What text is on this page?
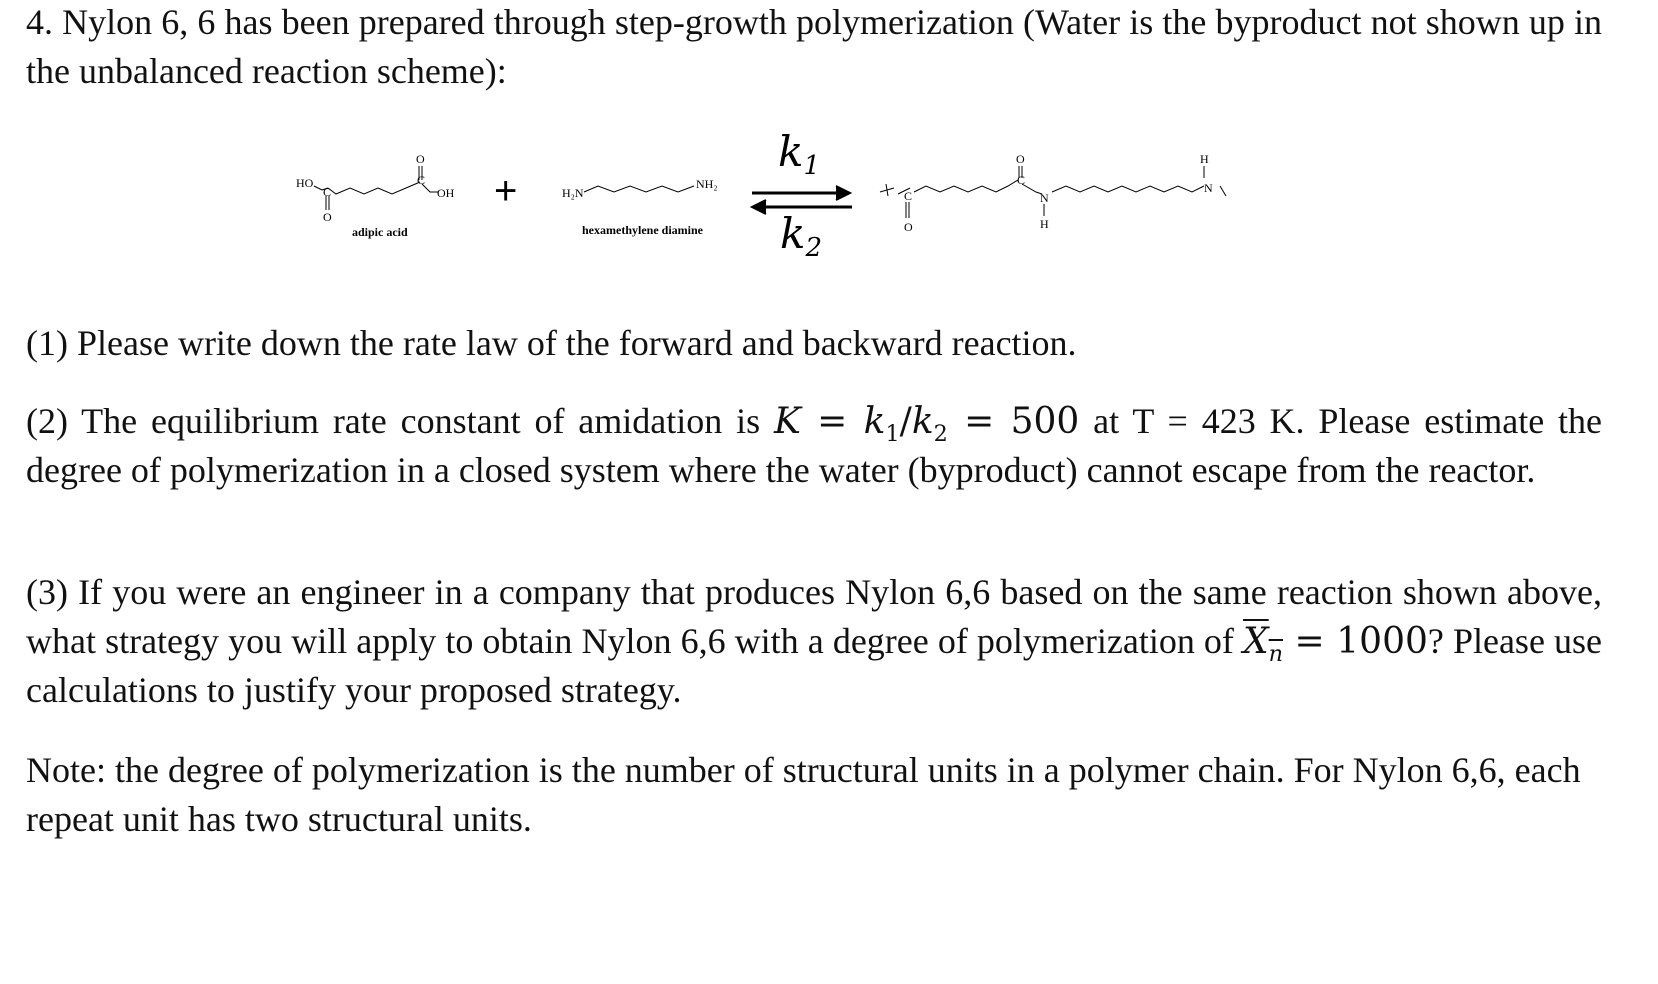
4. Nylon 6, 6 has been prepared through step-growth polymerization (Water is the byproduct not shown up in the unbalanced reaction scheme):

HO
C
O
O
C
OH
adipic acid
+	H₂N
NH₂
hexamethylene diamine
k1
k2
C
O
O
C
N
H
H
N

(1) Please write down the rate law of the forward and backward reaction.

(2) The equilibrium rate constant of amidation is $K = k_1/k_2 = 500$ at T = 423 K. Please estimate the degree of polymerization in a closed system where the water (byproduct) cannot escape from the reactor.

(3) If you were an engineer in a company that produces Nylon 6,6 based on the same reaction shown above, what strategy you will apply to obtain Nylon 6,6 with a degree of polymerization of $X_n = 1000$? Please use calculations to justify your proposed strategy.

Note: the degree of polymerization is the number of structural units in a polymer chain. For Nylon 6,6, each repeat unit has two structural units.
